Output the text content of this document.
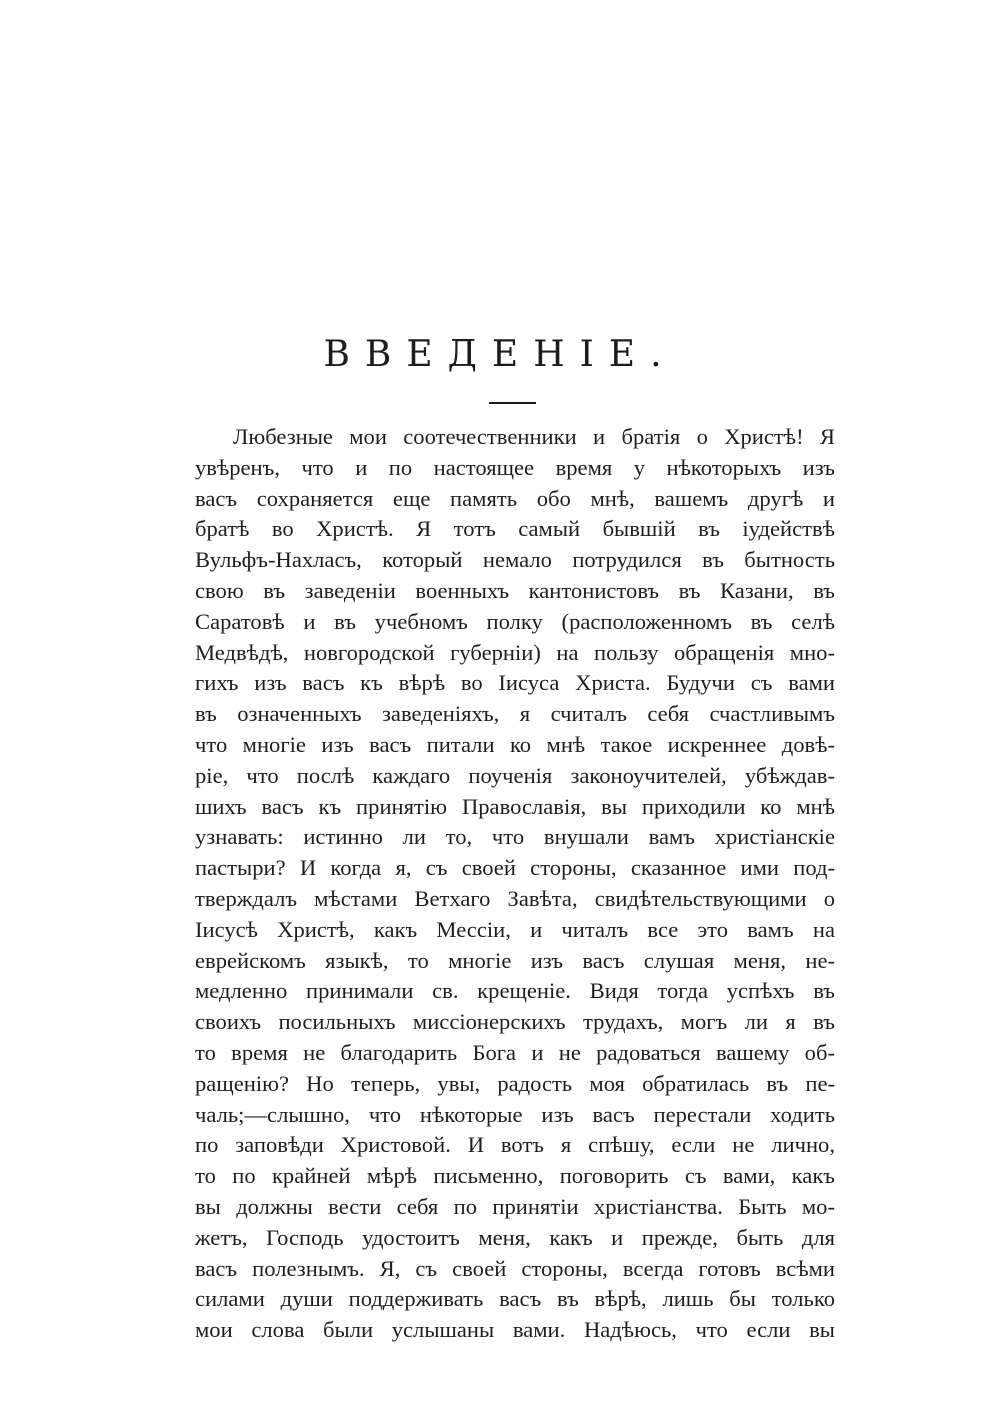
ВВЕДЕНІЕ.
Любезные мои соотечественники и братія о Христѣ! Я
увѣренъ, что и по настоящее время у нѣкоторыхъ изъ
васъ сохраняется еще память обо мнѣ, вашемъ другѣ и
братѣ во Христѣ. Я тотъ самый бывшій въ іудействѣ
Вульфъ-Нахласъ, который немало потрудился въ бытность
свою въ заведеніи военныхъ кантонистовъ въ Казани, въ
Саратовѣ и въ учебномъ полку (расположенномъ въ селѣ
Медвѣдѣ, новгородской губерніи) на пользу обращенія мно-
гихъ изъ васъ къ вѣрѣ во Іисуса Христа. Будучи съ вами
въ означенныхъ заведеніяхъ, я считалъ себя счастливымъ
что многіе изъ васъ питали ко мнѣ такое искреннее довѣ-
ріе, что послѣ каждаго поученія законоучителей, убѣждав-
шихъ васъ къ принятію Православія, вы приходили ко мнѣ
узнавать: истинно ли то, что внушали вамъ христіанскіе
пастыри? И когда я, съ своей стороны, сказанное ими под-
тверждалъ мѣстами Ветхаго Завѣта, свидѣтельствующими о
Іисусѣ Христѣ, какъ Мессіи, и читалъ все это вамъ на
еврейскомъ языкѣ, то многіе изъ васъ слушая меня, не-
медленно принимали св. крещеніе. Видя тогда успѣхъ въ
своихъ посильныхъ миссіонерскихъ трудахъ, могъ ли я въ
то время не благодарить Бога и не радоваться вашему об-
ращенію? Но теперь, увы, радость моя обратилась въ пе-
чаль;—слышно, что нѣкоторые изъ васъ перестали ходить
по заповѣди Христовой. И вотъ я спѣшу, если не лично,
то по крайней мѣрѣ письменно, поговорить съ вами, какъ
вы должны вести себя по принятіи христіанства. Быть мо-
жетъ, Господь удостоитъ меня, какъ и прежде, быть для
васъ полезнымъ. Я, съ своей стороны, всегда готовъ всѣми
силами души поддерживать васъ въ вѣрѣ, лишь бы только
мои слова были услышаны вами. Надѣюсь, что если вы
